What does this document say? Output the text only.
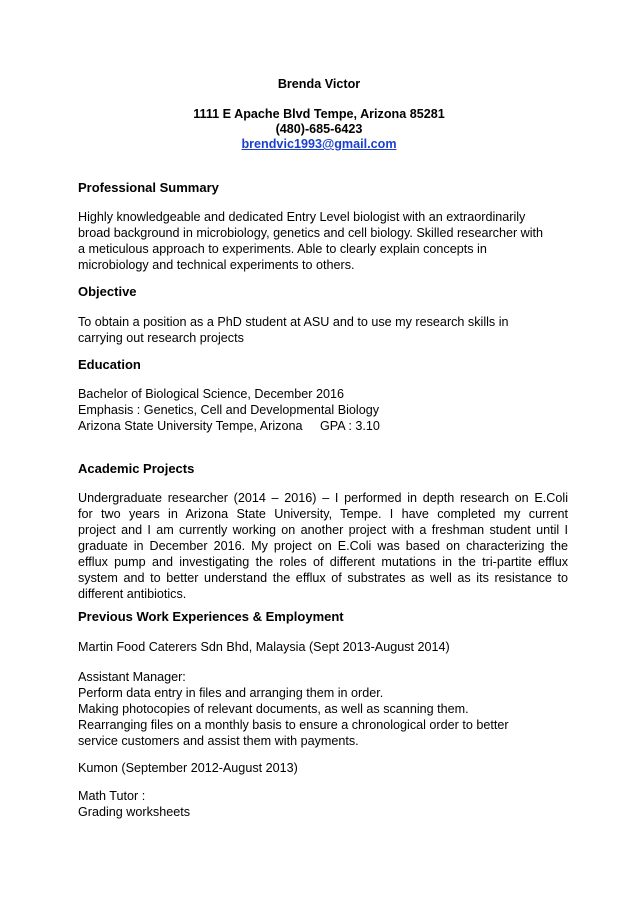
Brenda Victor
1111 E Apache Blvd Tempe, Arizona 85281
(480)-685-6423
brendvic1993@gmail.com
Professional Summary
Highly knowledgeable and dedicated Entry Level biologist with an extraordinarily
broad background in microbiology, genetics and cell biology. Skilled researcher with
a meticulous approach to experiments. Able to clearly explain concepts in
microbiology and technical experiments to others.
Objective
To obtain a position as a PhD student at ASU and to use my research skills in
carrying out research projects
Education
Bachelor of Biological Science, December 2016
Emphasis : Genetics, Cell and Developmental Biology
Arizona State University Tempe, Arizona     GPA : 3.10
Academic Projects
Undergraduate researcher (2014 – 2016) – I performed in depth research on E.Coli
for two years in Arizona State University, Tempe. I have completed my current
project and I am currently working on another project with a freshman student until I
graduate in December 2016. My project on E.Coli was based on characterizing the
efflux pump and investigating the roles of different mutations in the tri-partite efflux
system and to better understand the efflux of substrates as well as its resistance to
different antibiotics.
Previous Work Experiences & Employment
Martin Food Caterers Sdn Bhd, Malaysia (Sept 2013-August 2014)
Assistant Manager:
Perform data entry in files and arranging them in order.
Making photocopies of relevant documents, as well as scanning them.
Rearranging files on a monthly basis to ensure a chronological order to better
service customers and assist them with payments.
Kumon (September 2012-August 2013)
Math Tutor :
Grading worksheets
